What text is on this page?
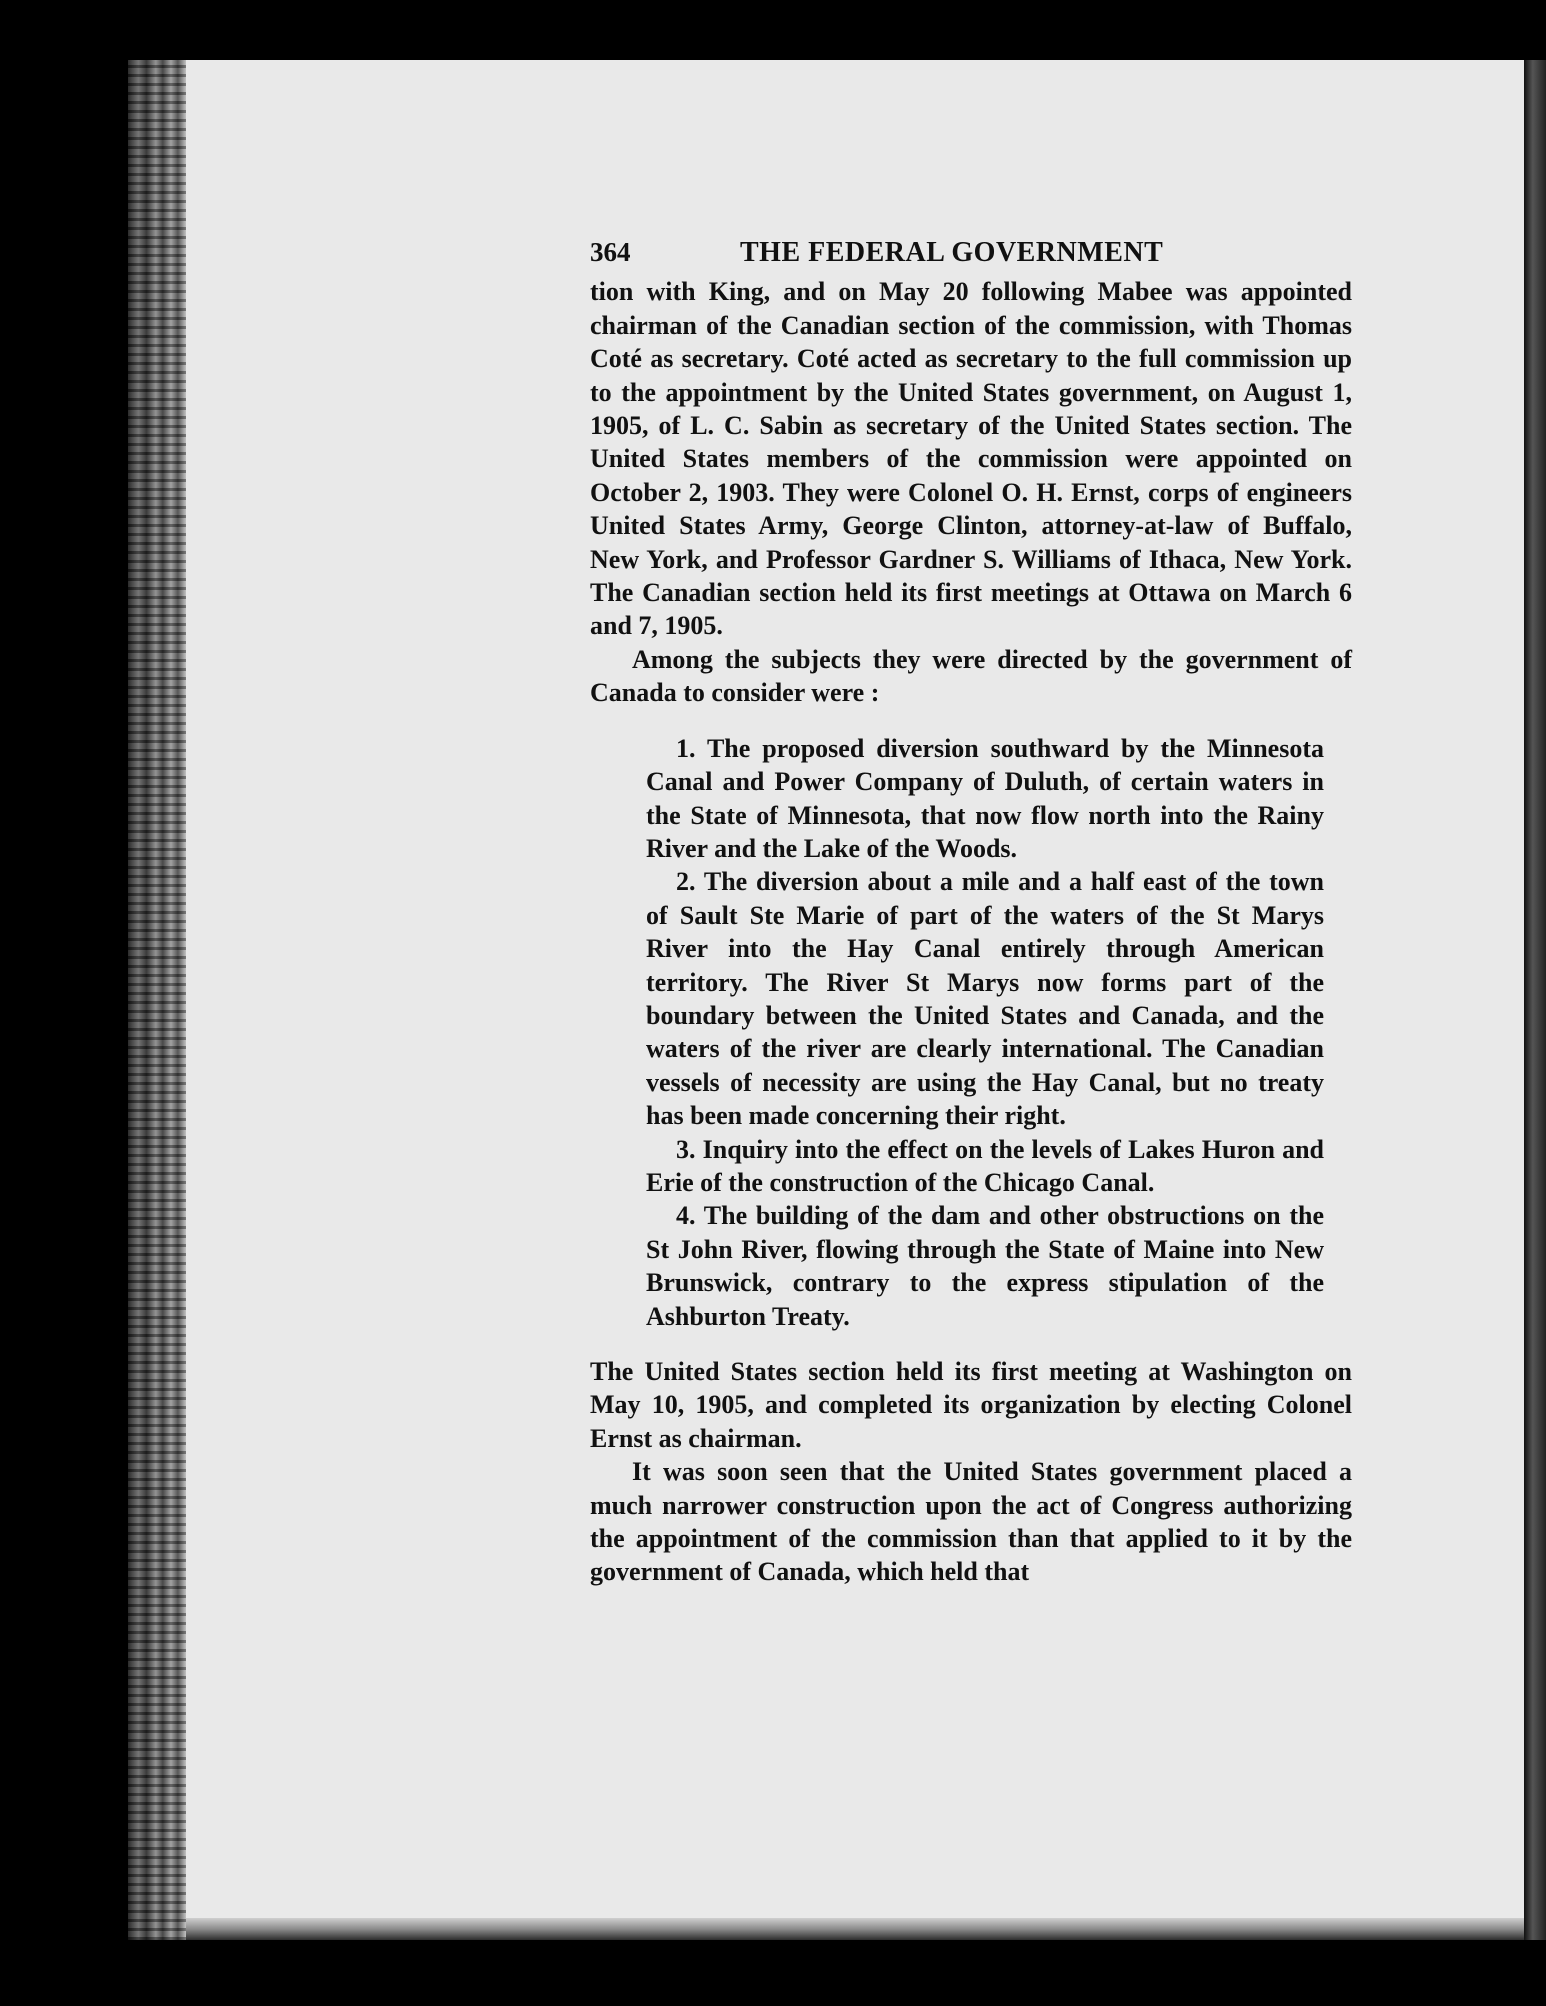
364	THE FEDERAL GOVERNMENT

tion with King, and on May 20 following Mabee was appointed chairman of the Canadian section of the commission, with Thomas Coté as secretary. Coté acted as secretary to the full commission up to the appointment by the United States government, on August 1, 1905, of L. C. Sabin as secretary of the United States section. The United States members of the commission were appointed on October 2, 1903. They were Colonel O. H. Ernst, corps of engineers United States Army, George Clinton, attorney-at-law of Buffalo, New York, and Professor Gardner S. Williams of Ithaca, New York. The Canadian section held its first meetings at Ottawa on March 6 and 7, 1905.

Among the subjects they were directed by the government of Canada to consider were :

1. The proposed diversion southward by the Minnesota Canal and Power Company of Duluth, of certain waters in the State of Minnesota, that now flow north into the Rainy River and the Lake of the Woods.
2. The diversion about a mile and a half east of the town of Sault Ste Marie of part of the waters of the St Marys River into the Hay Canal entirely through American territory. The River St Marys now forms part of the boundary between the United States and Canada, and the waters of the river are clearly international. The Canadian vessels of necessity are using the Hay Canal, but no treaty has been made concerning their right.
3. Inquiry into the effect on the levels of Lakes Huron and Erie of the construction of the Chicago Canal.
4. The building of the dam and other obstructions on the St John River, flowing through the State of Maine into New Brunswick, contrary to the express stipulation of the Ashburton Treaty.

The United States section held its first meeting at Washington on May 10, 1905, and completed its organization by electing Colonel Ernst as chairman.

It was soon seen that the United States government placed a much narrower construction upon the act of Congress authorizing the appointment of the commission than that applied to it by the government of Canada, which held that
